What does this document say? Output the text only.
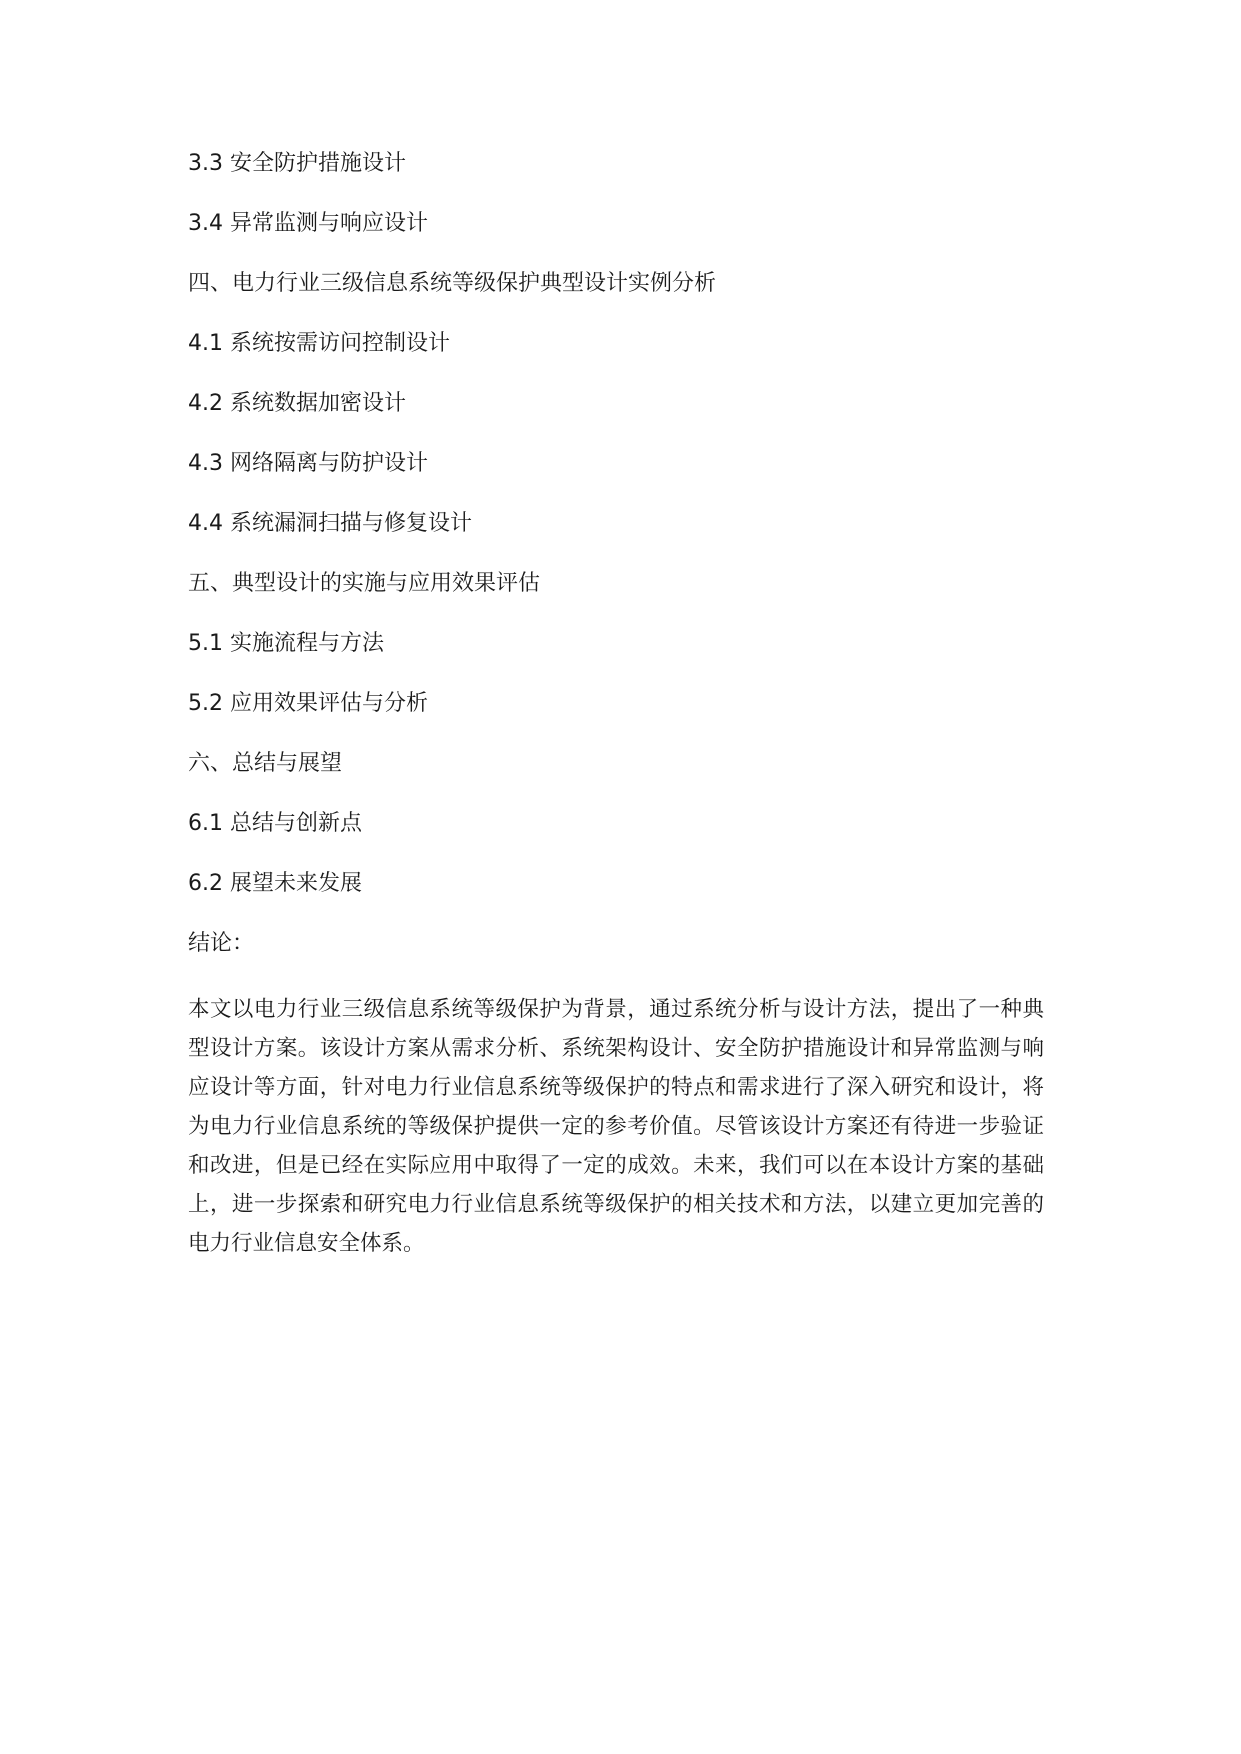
3.3 安全防护措施设计
3.4 异常监测与响应设计
四、电力行业三级信息系统等级保护典型设计实例分析
4.1 系统按需访问控制设计
4.2 系统数据加密设计
4.3 网络隔离与防护设计
4.4 系统漏洞扫描与修复设计
五、典型设计的实施与应用效果评估
5.1 实施流程与方法
5.2 应用效果评估与分析
六、总结与展望
6.1 总结与创新点
6.2 展望未来发展
结论：

本文以电力行业三级信息系统等级保护为背景，通过系统分析与设计方法，提出了一种典型设计方案。该设计方案从需求分析、系统架构设计、安全防护措施设计和异常监测与响应设计等方面，针对电力行业信息系统等级保护的特点和需求进行了深入研究和设计，将为电力行业信息系统的等级保护提供一定的参考价值。尽管该设计方案还有待进一步验证和改进，但是已经在实际应用中取得了一定的成效。未来，我们可以在本设计方案的基础上，进一步探索和研究电力行业信息系统等级保护的相关技术和方法，以建立更加完善的电力行业信息安全体系。
